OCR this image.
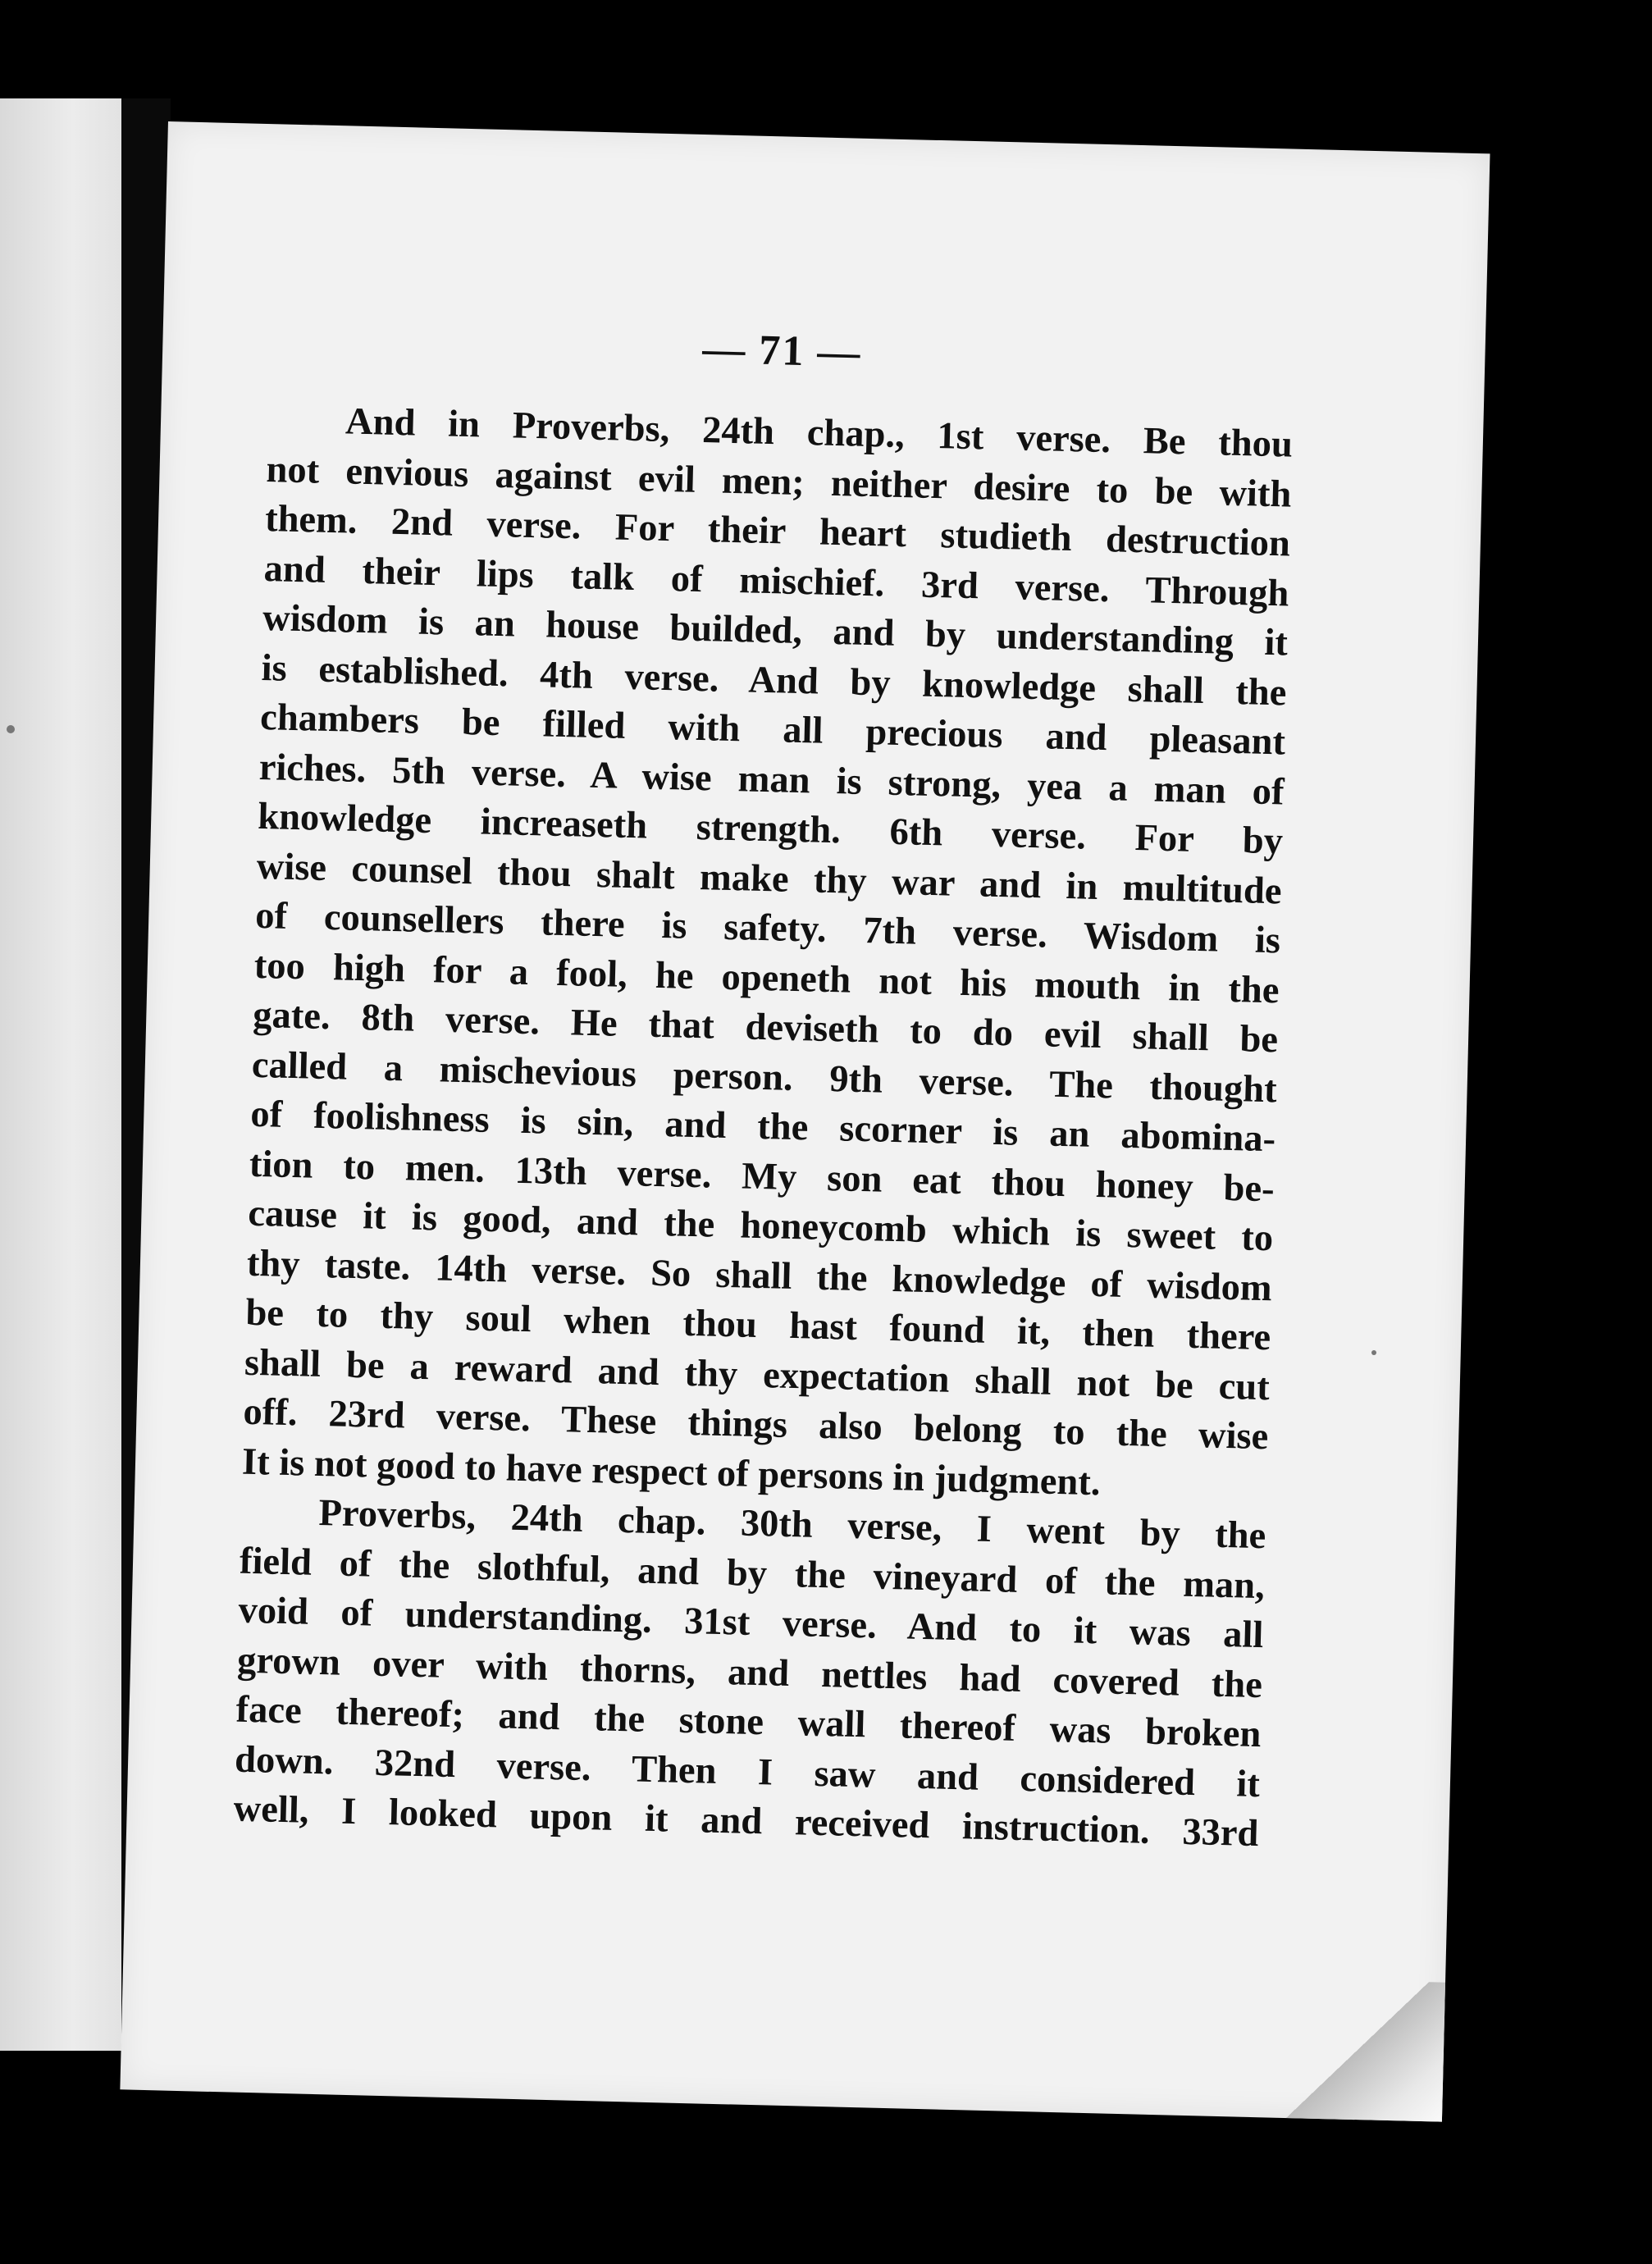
— 71 —

And in Proverbs, 24th chap., 1st verse. Be thou
not envious against evil men; neither desire to be with
them. 2nd verse. For their heart studieth destruction
and their lips talk of mischief. 3rd verse. Through
wisdom is an house builded, and by understanding it
is established. 4th verse. And by knowledge shall the
chambers be filled with all precious and pleasant
riches. 5th verse. A wise man is strong, yea a man of
knowledge increaseth strength. 6th verse. For by
wise counsel thou shalt make thy war and in multitude
of counsellers there is safety. 7th verse. Wisdom is
too high for a fool, he openeth not his mouth in the
gate. 8th verse. He that deviseth to do evil shall be
called a mischevious person. 9th verse. The thought
of foolishness is sin, and the scorner is an abomina-
tion to men. 13th verse. My son eat thou honey be-
cause it is good, and the honeycomb which is sweet to
thy taste. 14th verse. So shall the knowledge of wisdom
be to thy soul when thou hast found it, then there
shall be a reward and thy expectation shall not be cut
off. 23rd verse. These things also belong to the wise
It is not good to have respect of persons in judgment.

Proverbs, 24th chap. 30th verse, I went by the
field of the slothful, and by the vineyard of the man,
void of understanding. 31st verse. And to it was all
grown over with thorns, and nettles had covered the
face thereof; and the stone wall thereof was broken
down. 32nd verse. Then I saw and considered it
well, I looked upon it and received instruction. 33rd
